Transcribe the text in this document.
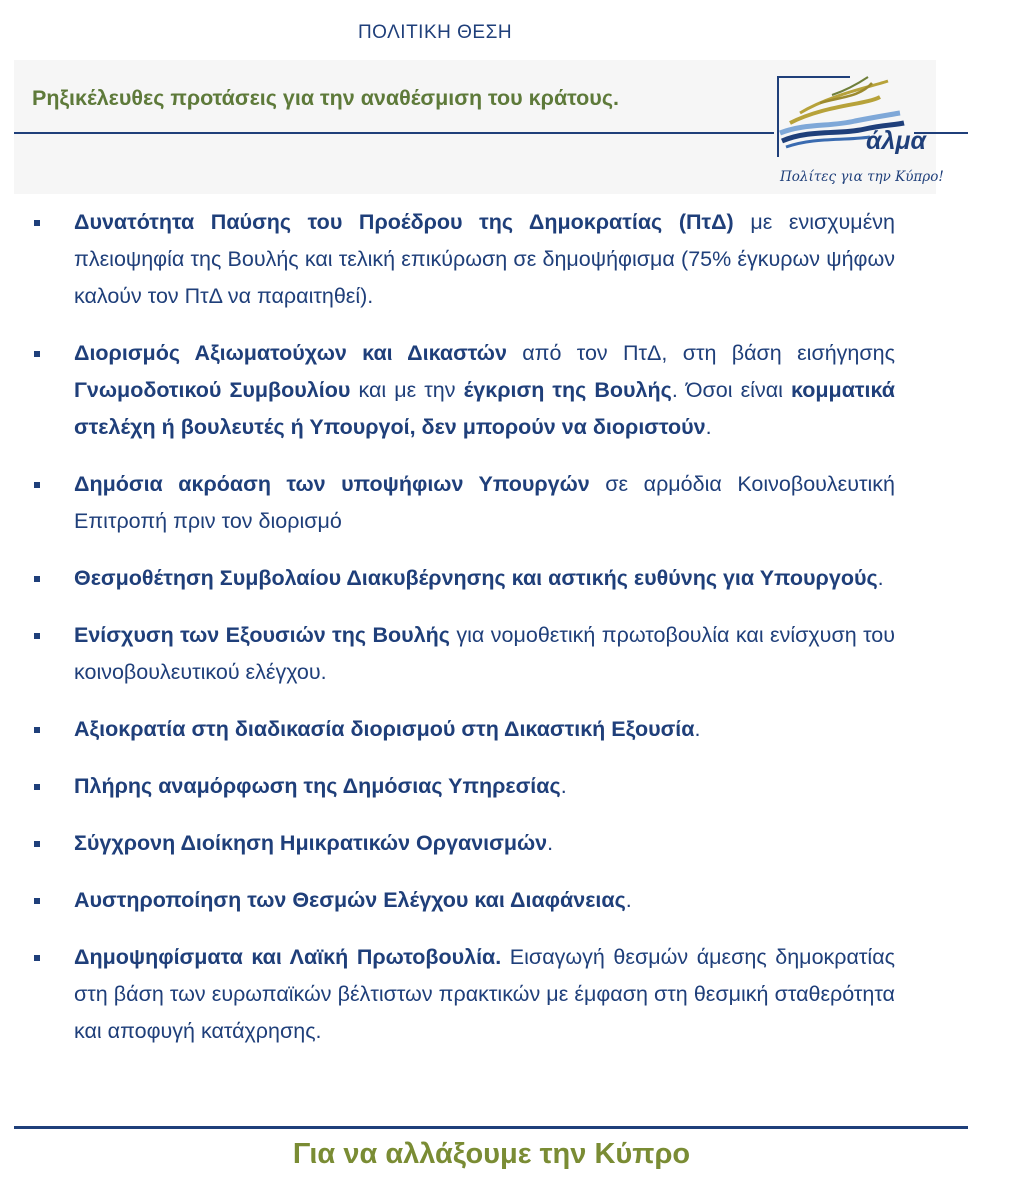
ΠΟΛΙΤΙΚΗ ΘΕΣΗ
Ρηξικέλευθες προτάσεις για την αναθέσμιση του κράτους.
άλμα
Πολίτες για την Κύπρο!
Δυνατότητα Παύσης του Προέδρου της Δημοκρατίας (ΠτΔ) με ενισχυμένη πλειοψηφία της Βουλής και τελική επικύρωση σε δημοψήφισμα (75% έγκυρων ψήφων καλούν τον ΠτΔ να παραιτηθεί).
Διορισμός Αξιωματούχων και Δικαστών από τον ΠτΔ, στη βάση εισήγησης Γνωμοδοτικού Συμβουλίου και με την έγκριση της Βουλής. Όσοι είναι κομματικά στελέχη ή βουλευτές ή Υπουργοί, δεν μπορούν να διοριστούν.
Δημόσια ακρόαση των υποψήφιων Υπουργών σε αρμόδια Κοινοβουλευτική Επιτροπή πριν τον διορισμό
Θεσμοθέτηση Συμβολαίου Διακυβέρνησης και αστικής ευθύνης για Υπουργούς.
Ενίσχυση των Εξουσιών της Βουλής για νομοθετική πρωτοβουλία και ενίσχυση του κοινοβουλευτικού ελέγχου.
Αξιοκρατία στη διαδικασία διορισμού στη Δικαστική Εξουσία.
Πλήρης αναμόρφωση της Δημόσιας Υπηρεσίας.
Σύγχρονη Διοίκηση Ημικρατικών Οργανισμών.
Αυστηροποίηση των Θεσμών Ελέγχου και Διαφάνειας.
Δημοψηφίσματα και Λαϊκή Πρωτοβουλία. Εισαγωγή θεσμών άμεσης δημοκρατίας στη βάση των ευρωπαϊκών βέλτιστων πρακτικών με έμφαση στη θεσμική σταθερότητα και αποφυγή κατάχρησης.
Για να αλλάξουμε την Κύπρο
